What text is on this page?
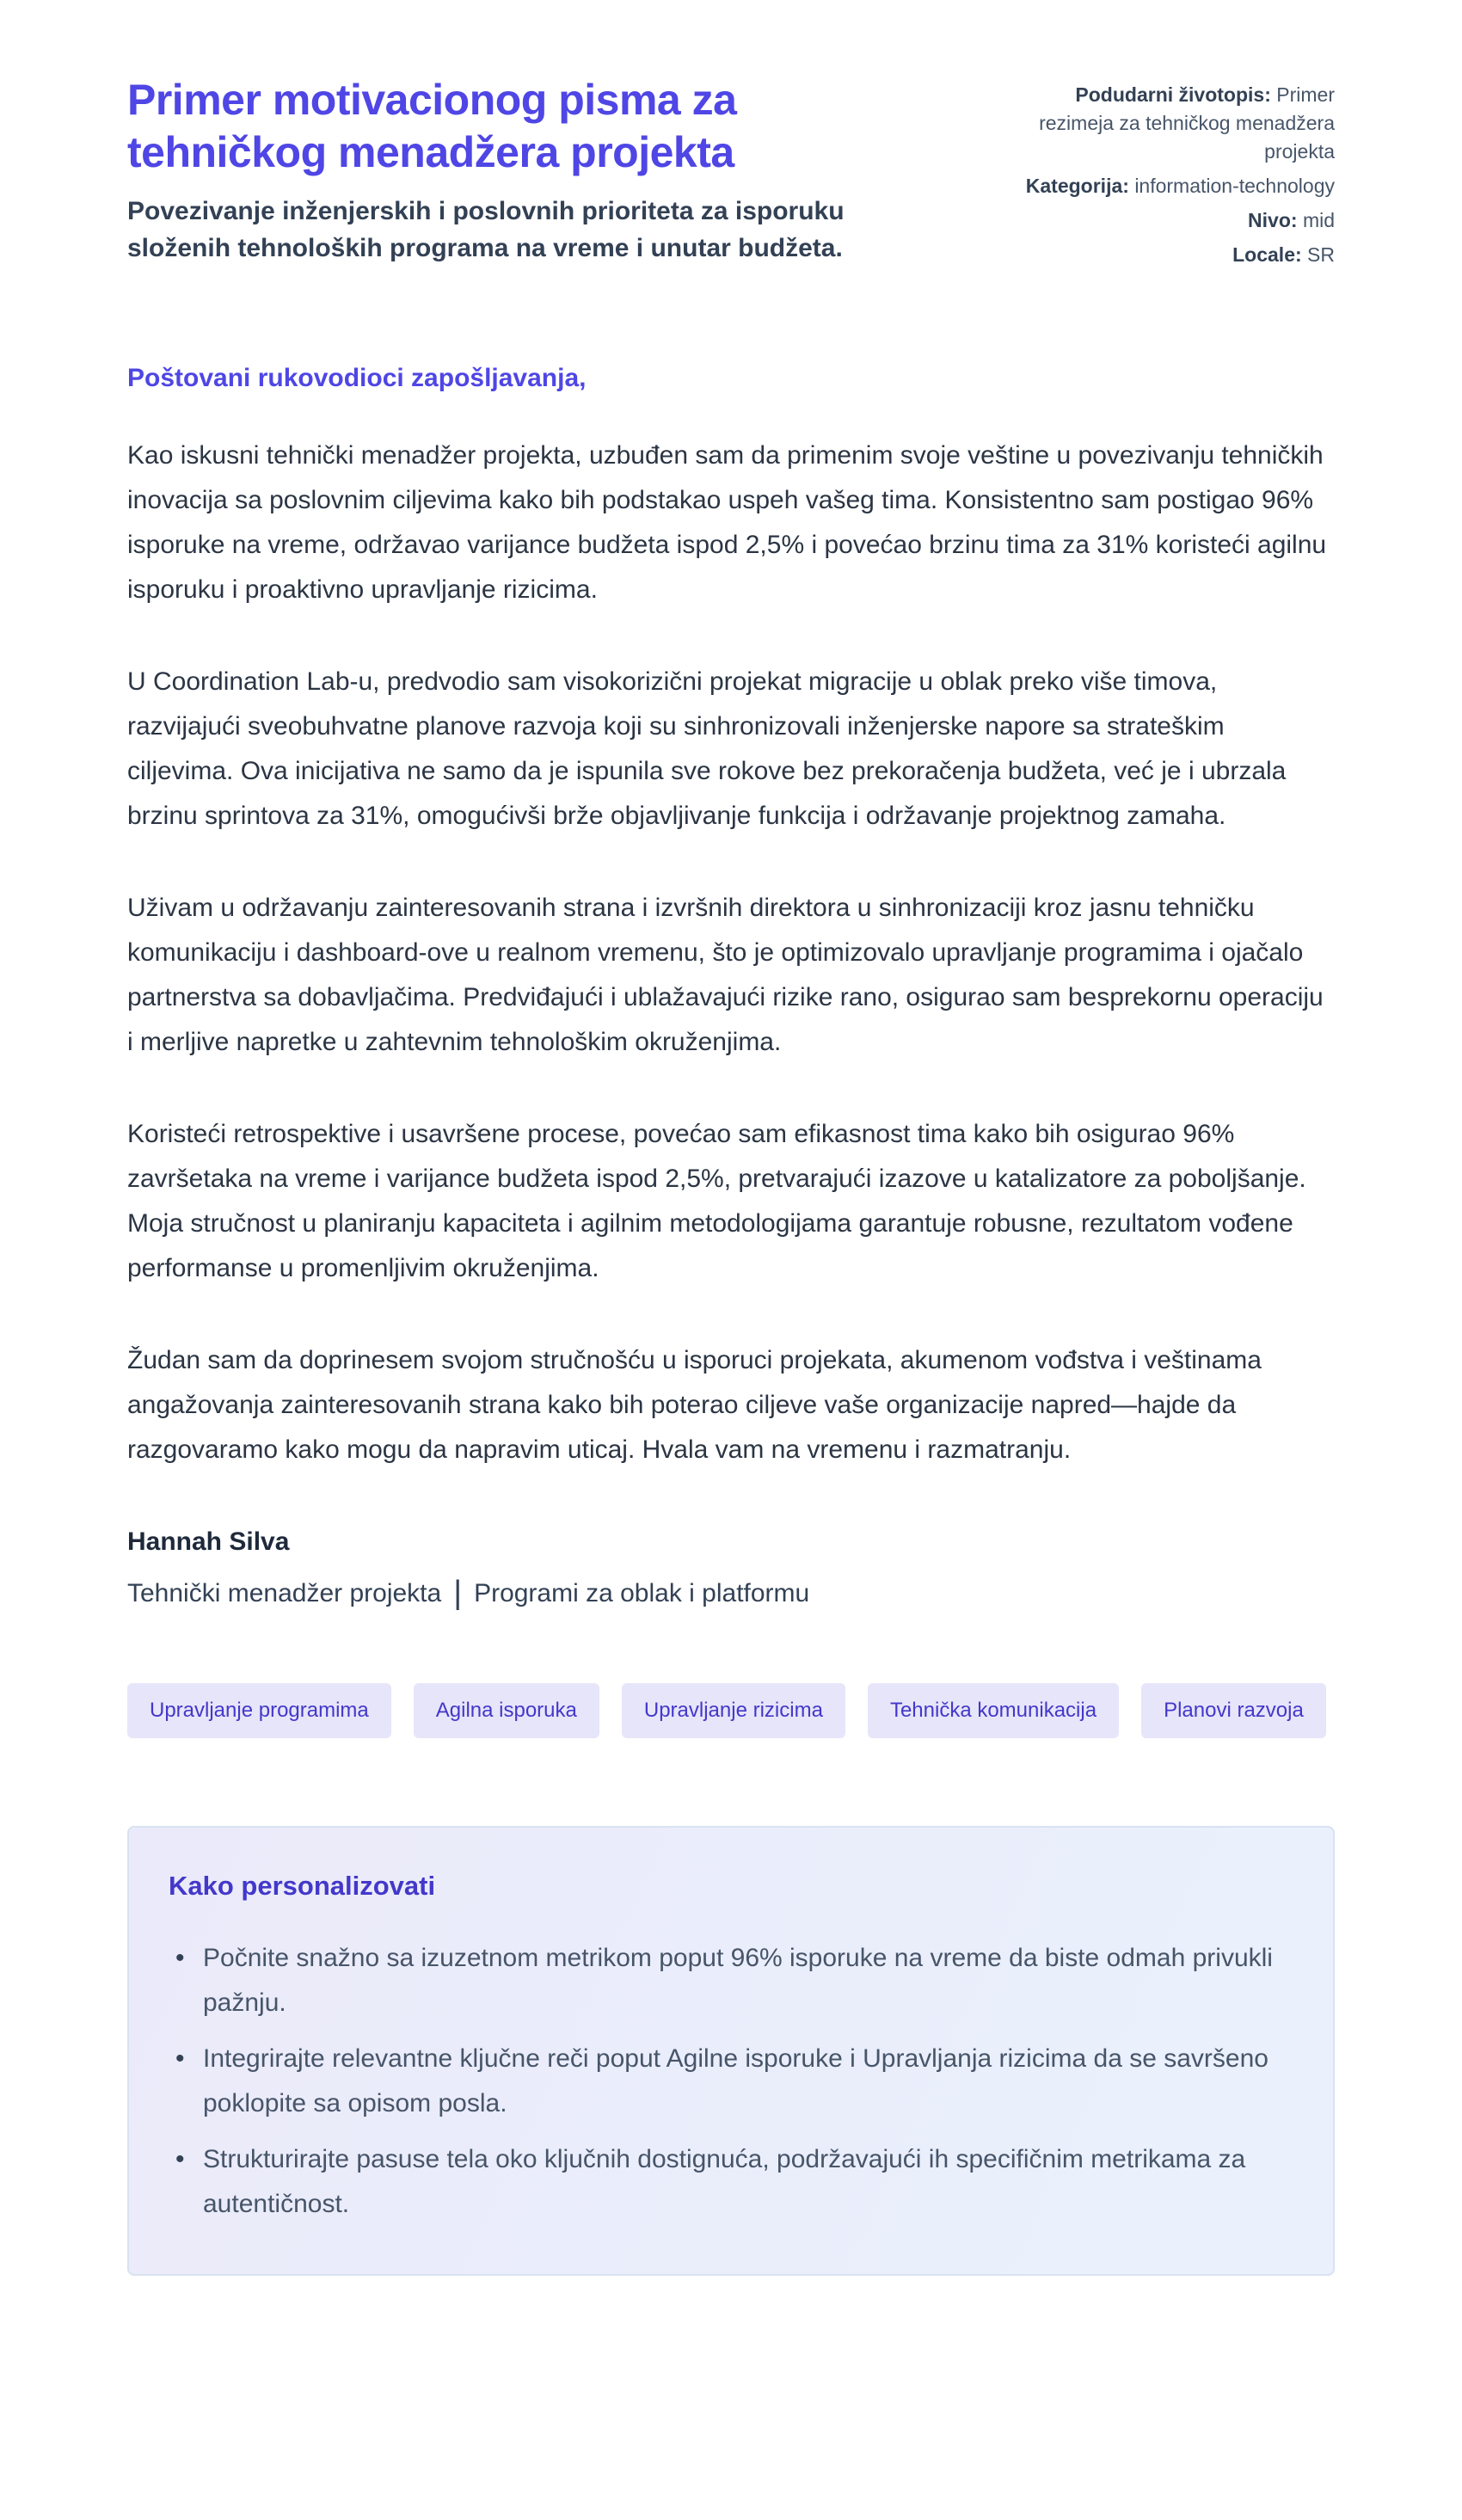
Primer motivacionog pisma za tehničkog menadžera projekta

Povezivanje inženjerskih i poslovnih prioriteta za isporuku složenih tehnoloških programa na vreme i unutar budžeta.

Podudarni životopis: Primer rezimeja za tehničkog menadžera projekta
Kategorija: information-technology
Nivo: mid
Locale: SR

Poštovani rukovodioci zapošljavanja,

Kao iskusni tehnički menadžer projekta, uzbuđen sam da primenim svoje veštine u povezivanju tehničkih inovacija sa poslovnim ciljevima kako bih podstakao uspeh vašeg tima. Konsistentno sam postigao 96% isporuke na vreme, održavao varijance budžeta ispod 2,5% i povećao brzinu tima za 31% koristeći agilnu isporuku i proaktivno upravljanje rizicima.

U Coordination Lab-u, predvodio sam visokorizični projekat migracije u oblak preko više timova, razvijajući sveobuhvatne planove razvoja koji su sinhronizovali inženjerske napore sa strateškim ciljevima. Ova inicijativa ne samo da je ispunila sve rokove bez prekoračenja budžeta, već je i ubrzala brzinu sprintova za 31%, omogućivši brže objavljivanje funkcija i održavanje projektnog zamaha.

Uživam u održavanju zainteresovanih strana i izvršnih direktora u sinhronizaciji kroz jasnu tehničku komunikaciju i dashboard-ove u realnom vremenu, što je optimizovalo upravljanje programima i ojačalo partnerstva sa dobavljačima. Predviđajući i ublažavajući rizike rano, osigurao sam besprekornu operaciju i merljive napretke u zahtevnim tehnološkim okruženjima.

Koristeći retrospektive i usavršene procese, povećao sam efikasnost tima kako bih osigurao 96% završetaka na vreme i varijance budžeta ispod 2,5%, pretvarajući izazove u katalizatore za poboljšanje. Moja stručnost u planiranju kapaciteta i agilnim metodologijama garantuje robusne, rezultatom vođene performanse u promenljivim okruženjima.

Žudan sam da doprinesem svojom stručnošću u isporuci projekata, akumenom vođstva i veštinama angažovanja zainteresovanih strana kako bih poterao ciljeve vaše organizacije napred—hajde da razgovaramo kako mogu da napravim uticaj. Hvala vam na vremenu i razmatranju.

Hannah Silva

Tehnički menadžer projekta | Programi za oblak i platformu

Upravljanje programima	Agilna isporuka	Upravljanje rizicima	Tehnička komunikacija	Planovi razvoja
Kako personalizovati
• Počnite snažno sa izuzetnom metrikom poput 96% isporuke na vreme da biste odmah privukli pažnju.
• Integrirajte relevantne ključne reči poput Agilne isporuke i Upravljanja rizicima da se savršeno poklopite sa opisom posla.
• Strukturirajte pasuse tela oko ključnih dostignuća, podržavajući ih specifičnim metrikama za autentičnost.
